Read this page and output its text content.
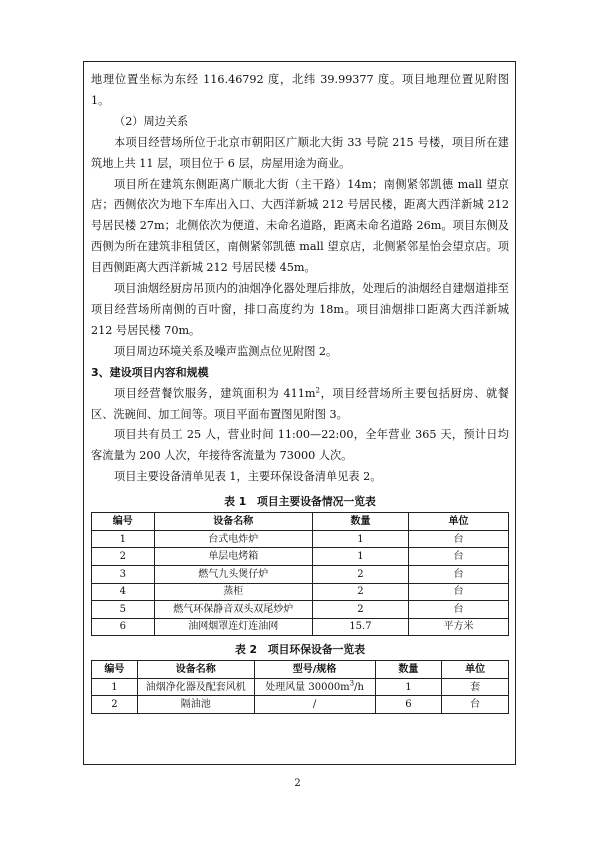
地理位置坐标为东经 116.46792 度，北纬 39.99377 度。项目地理位置见附图 1。

（2）周边关系

本项目经营场所位于北京市朝阳区广顺北大街 33 号院 215 号楼，项目所在建筑地上共 11 层，项目位于 6 层，房屋用途为商业。

项目所在建筑东侧距离广顺北大街（主干路）14m；南侧紧邻凯德 mall 望京店；西侧依次为地下车库出入口、大西洋新城 212 号居民楼，距离大西洋新城 212 号居民楼 27m；北侧依次为便道、未命名道路，距离未命名道路 26m。项目东侧及西侧为所在建筑非租赁区，南侧紧邻凯德 mall 望京店，北侧紧邻星怡会望京店。项目西侧距离大西洋新城 212 号居民楼 45m。

项目油烟经厨房吊顶内的油烟净化器处理后排放，处理后的油烟经自建烟道排至项目经营场所南侧的百叶窗，排口高度约为 18m。项目油烟排口距离大西洋新城 212 号居民楼 70m。

项目周边环境关系及噪声监测点位见附图 2。

3、建设项目内容和规模

项目经营餐饮服务，建筑面积为 $411m^2$，项目经营场所主要包括厨房、就餐区、洗碗间、加工间等。项目平面布置图见附图 3。

项目共有员工 25 人，营业时间 11:00—22:00，全年营业 365 天，预计日均客流量为 200 人次，年接待客流量为 73000 人次。

项目主要设备清单见表 1，主要环保设备清单见表 2。

表 1　项目主要设备情况一览表

编号	设备名称	数量	单位
1	台式电炸炉	1	台
2	单层电烤箱	1	台
3	燃气九头煲仔炉	2	台
4	蒸柜	2	台
5	燃气环保静音双头双尾炒炉	2	台
6	油网烟罩连灯连油网	15.7	平方米

表 2　项目环保设备一览表

编号	设备名称	型号/规格	数量	单位
1	油烟净化器及配套风机	处理风量 $30000m^3/h$	1	套
2	隔油池	/	6	台
2
